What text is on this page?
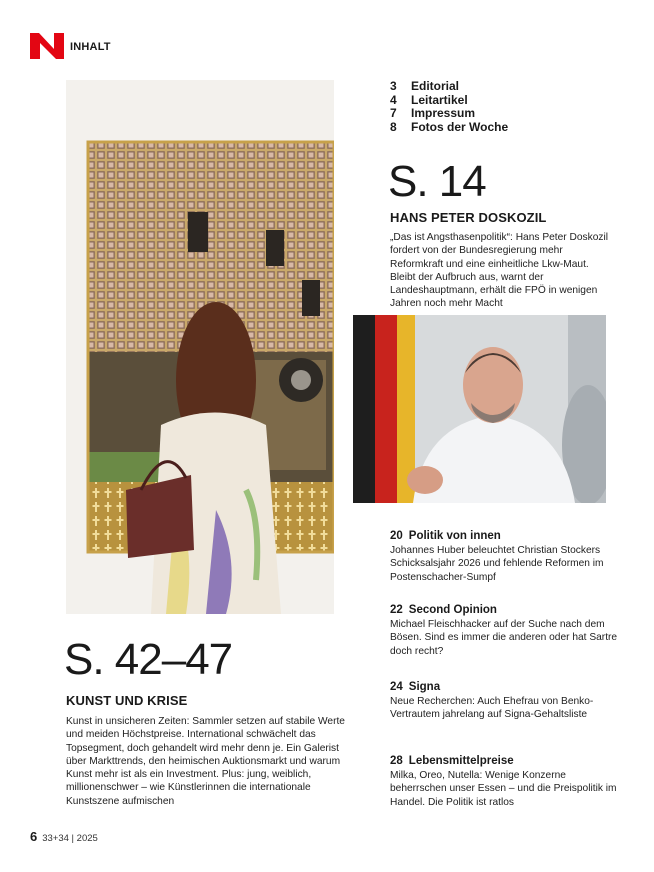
INHALT
3	Editorial
4	Leitartikel
7	Impressum
8	Fotos der Woche
S. 14
HANS PETER DOSKOZIL
„Das ist Angsthasenpolitik“: Hans Peter Doskozil fordert von der Bundesregierung mehr Reformkraft und eine einheitliche Lkw-Maut. Bleibt der Aufbruch aus, warnt der Landeshauptmann, erhält die FPÖ in wenigen Jahren noch mehr Macht
S. 42–47
KUNST UND KRISE
Kunst in unsicheren Zeiten: Sammler setzen auf stabile Werte und meiden Höchstpreise. International schwächelt das Topsegment, doch gehandelt wird mehr denn je. Ein Galerist über Markttrends, den heimischen Auktionsmarkt und warum Kunst mehr ist als ein Investment. Plus: jung, weiblich, millionenschwer – wie Künstlerinnen die internationale Kunstszene aufmischen
20 Politik von innen
Johannes Huber beleuchtet Christian Stockers Schicksalsjahr 2026 und fehlende Reformen im Postenschacher-Sumpf
22 Second Opinion
Michael Fleischhacker auf der Suche nach dem Bösen. Sind es immer die anderen oder hat Sartre doch recht?
24 Signa
Neue Recherchen: Auch Ehefrau von Benko-Vertrautem jahrelang auf Signa-Gehaltsliste
28 Lebensmittelpreise
Milka, Oreo, Nutella: Wenige Konzerne beherrschen unser Essen – und die Preispolitik im Handel. Die Politik ist ratlos
6 33+34 | 2025
